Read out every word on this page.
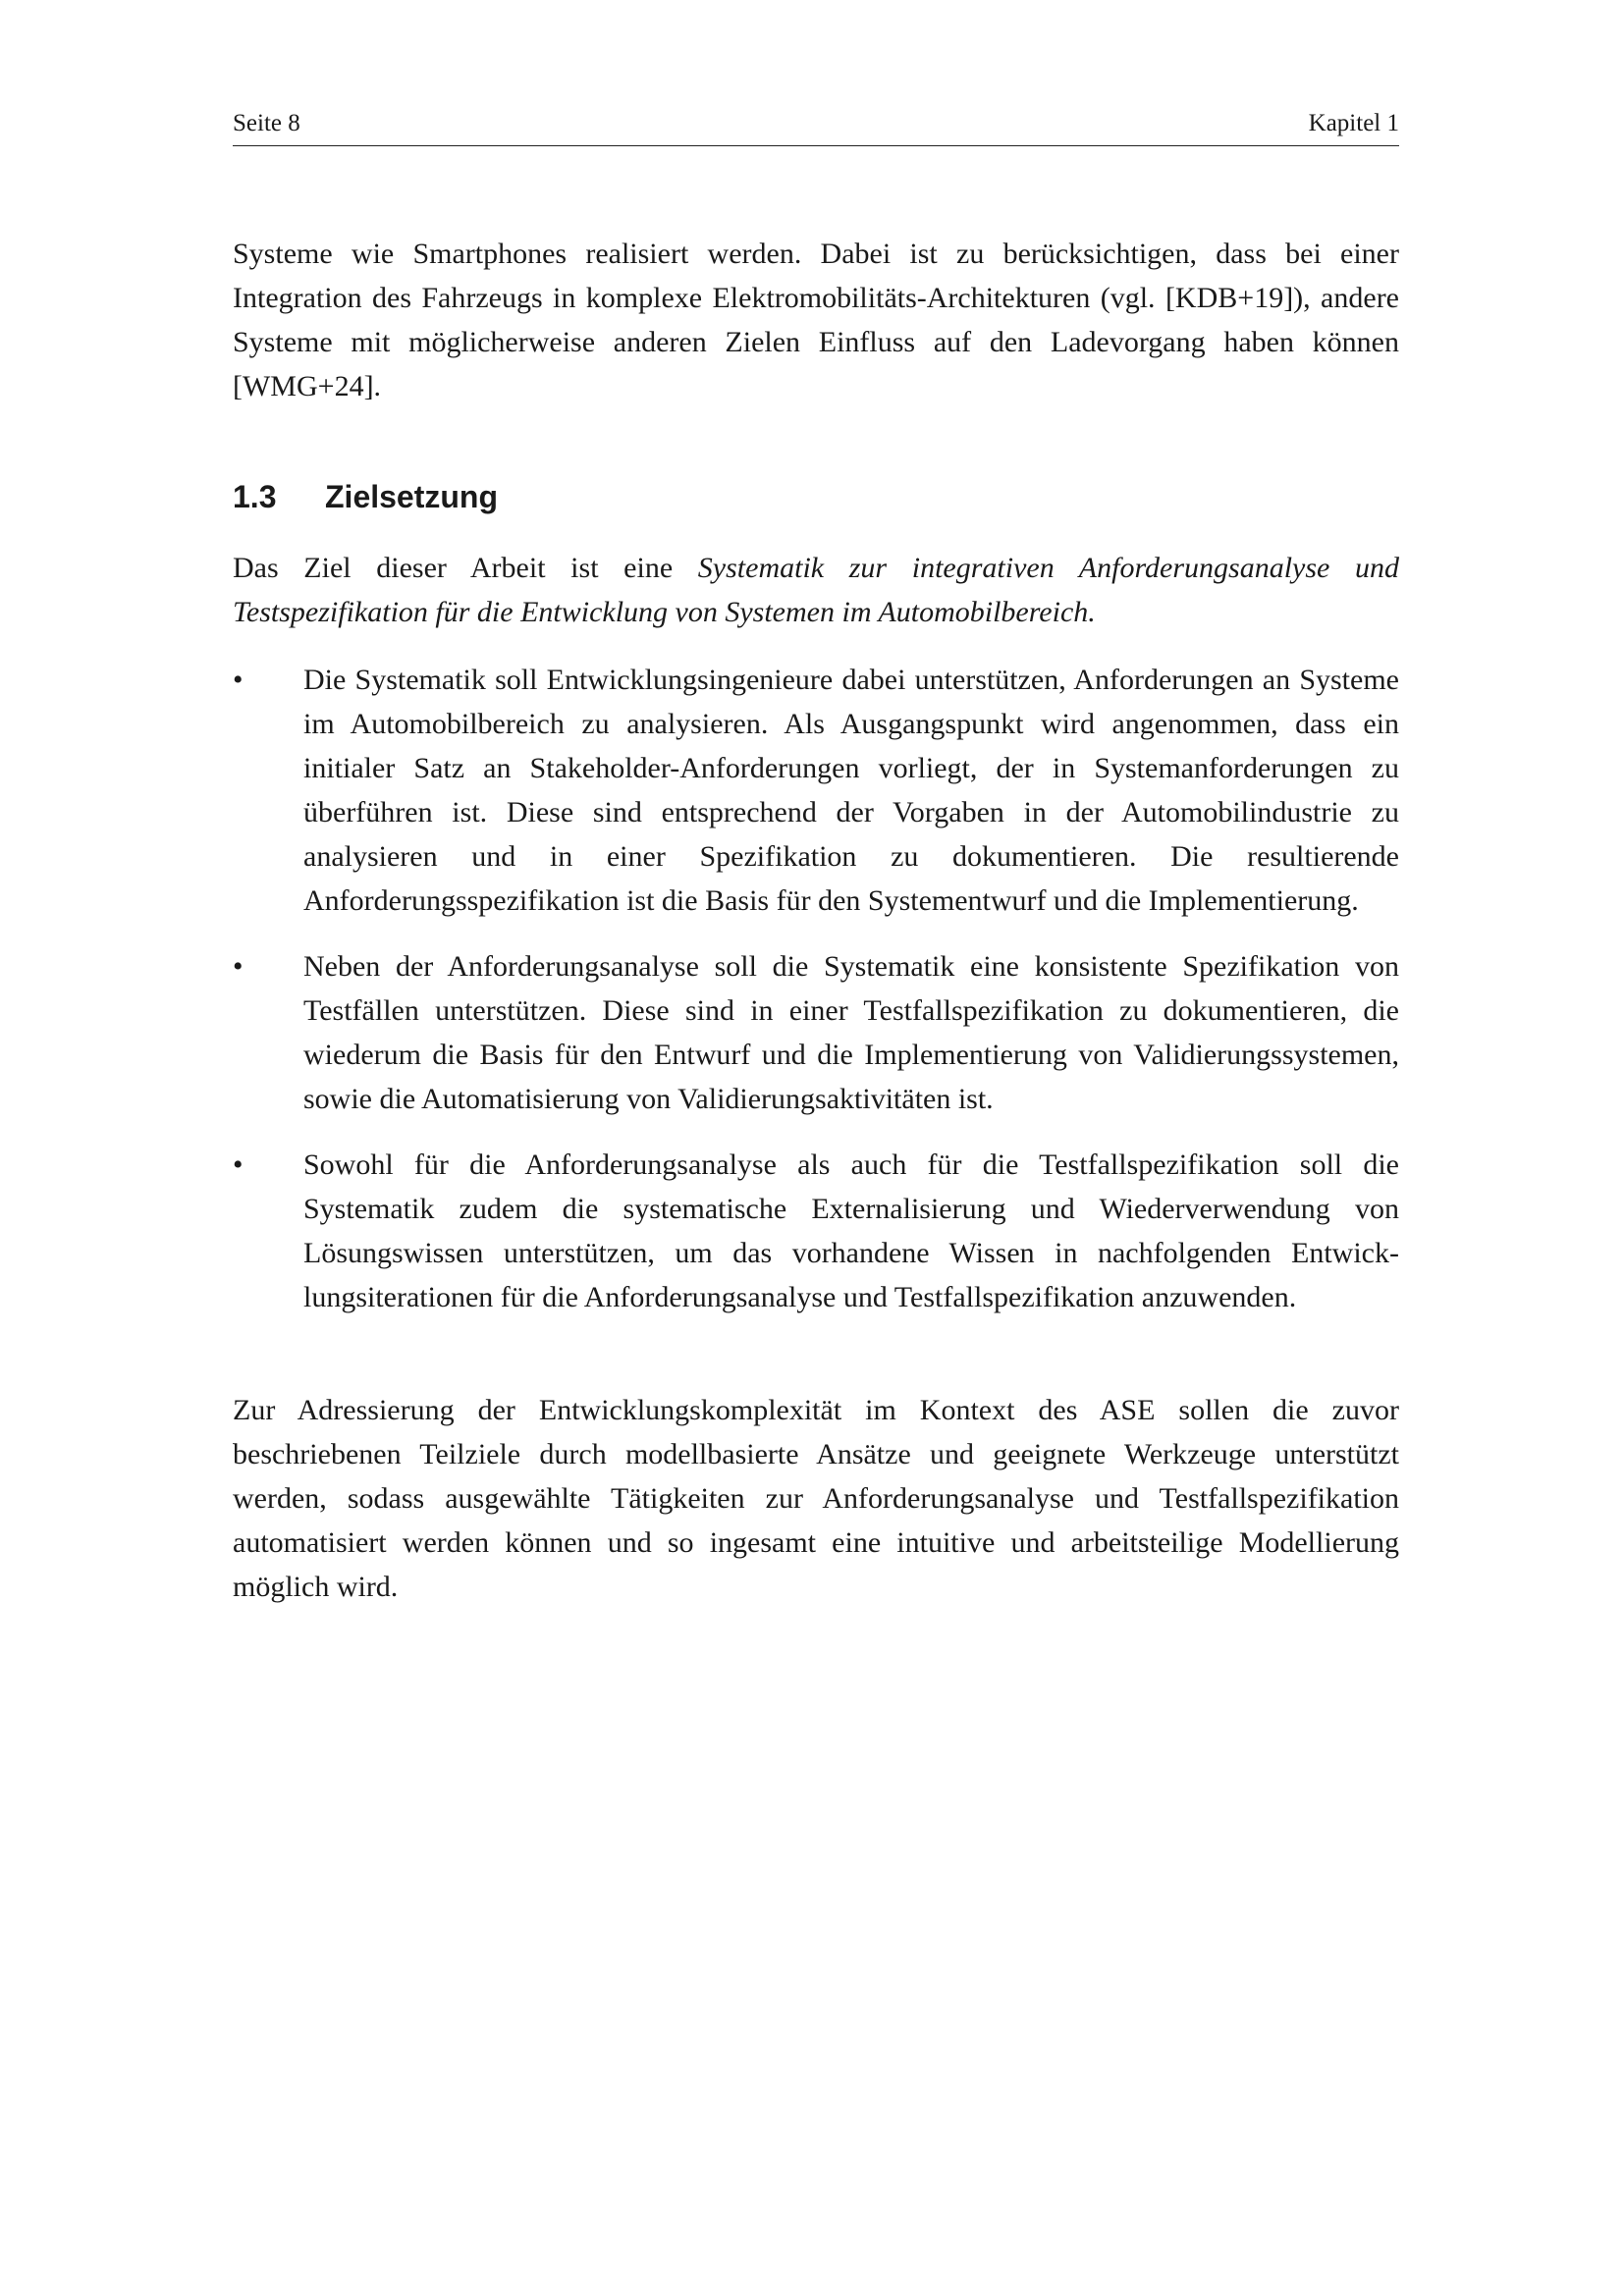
Seite 8	Kapitel 1

Systeme wie Smartphones realisiert werden. Dabei ist zu berücksichtigen, dass bei einer Integration des Fahrzeugs in komplexe Elektromobilitäts-Architekturen (vgl. [KDB+19]), andere Systeme mit möglicherweise anderen Zielen Einfluss auf den Ladevorgang haben können [WMG+24].

1.3 Zielsetzung

Das Ziel dieser Arbeit ist eine Systematik zur integrativen Anforderungsanalyse und Testspezifikation für die Entwicklung von Systemen im Automobilbereich.

• Die Systematik soll Entwicklungsingenieure dabei unterstützen, Anforderungen an Systeme im Automobilbereich zu analysieren. Als Ausgangspunkt wird angenommen, dass ein initialer Satz an Stakeholder-Anforderungen vorliegt, der in Systemanforderungen zu überführen ist. Diese sind entsprechend der Vorgaben in der Automobilindustrie zu analysieren und in einer Spezifikation zu dokumentieren. Die resultierende Anforderungsspezifikation ist die Basis für den Systementwurf und die Implementierung.
• Neben der Anforderungsanalyse soll die Systematik eine konsistente Spezifikation von Testfällen unterstützen. Diese sind in einer Testfallspezifikation zu dokumentieren, die wiederum die Basis für den Entwurf und die Implementierung von Validierungssystemen, sowie die Automatisierung von Validierungsaktivitäten ist.
• Sowohl für die Anforderungsanalyse als auch für die Testfallspezifikation soll die Systematik zudem die systematische Externalisierung und Wiederverwendung von Lösungswissen unterstützen, um das vorhandene Wissen in nachfolgenden Entwicklungsiterationen für die Anforderungsanalyse und Testfallspezifikation anzuwenden.

Zur Adressierung der Entwicklungskomplexität im Kontext des ASE sollen die zuvor beschriebenen Teilziele durch modellbasierte Ansätze und geeignete Werkzeuge unterstützt werden, sodass ausgewählte Tätigkeiten zur Anforderungsanalyse und Testfallspezifikation automatisiert werden können und so ingesamt eine intuitive und arbeitsteilige Modellierung möglich wird.
